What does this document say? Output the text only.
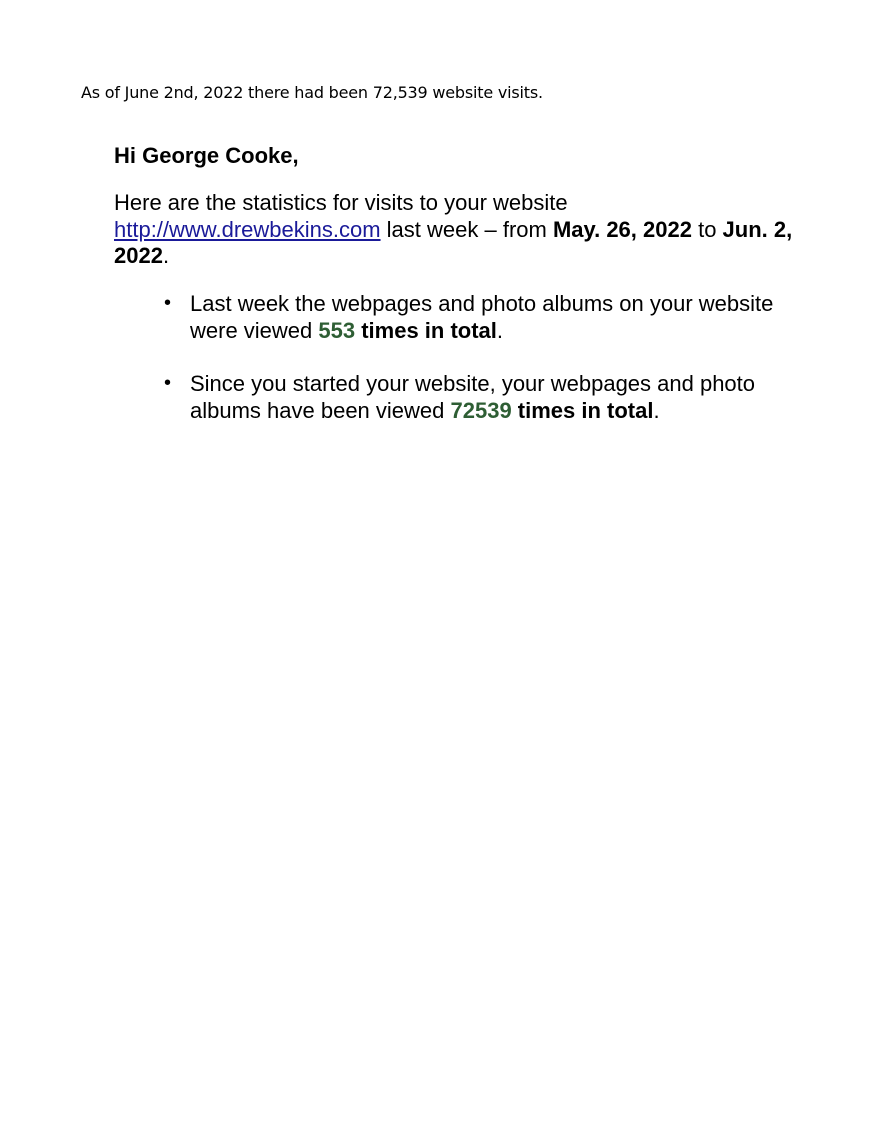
As of June 2nd, 2022 there had been 72,539 website visits.

Hi George Cooke,

Here are the statistics for visits to your website
http://www.drewbekins.com last week – from May. 26, 2022 to Jun. 2, 2022.

• Last week the webpages and photo albums on your website were viewed 553 times in total.
• Since you started your website, your webpages and photo albums have been viewed 72539 times in total.
